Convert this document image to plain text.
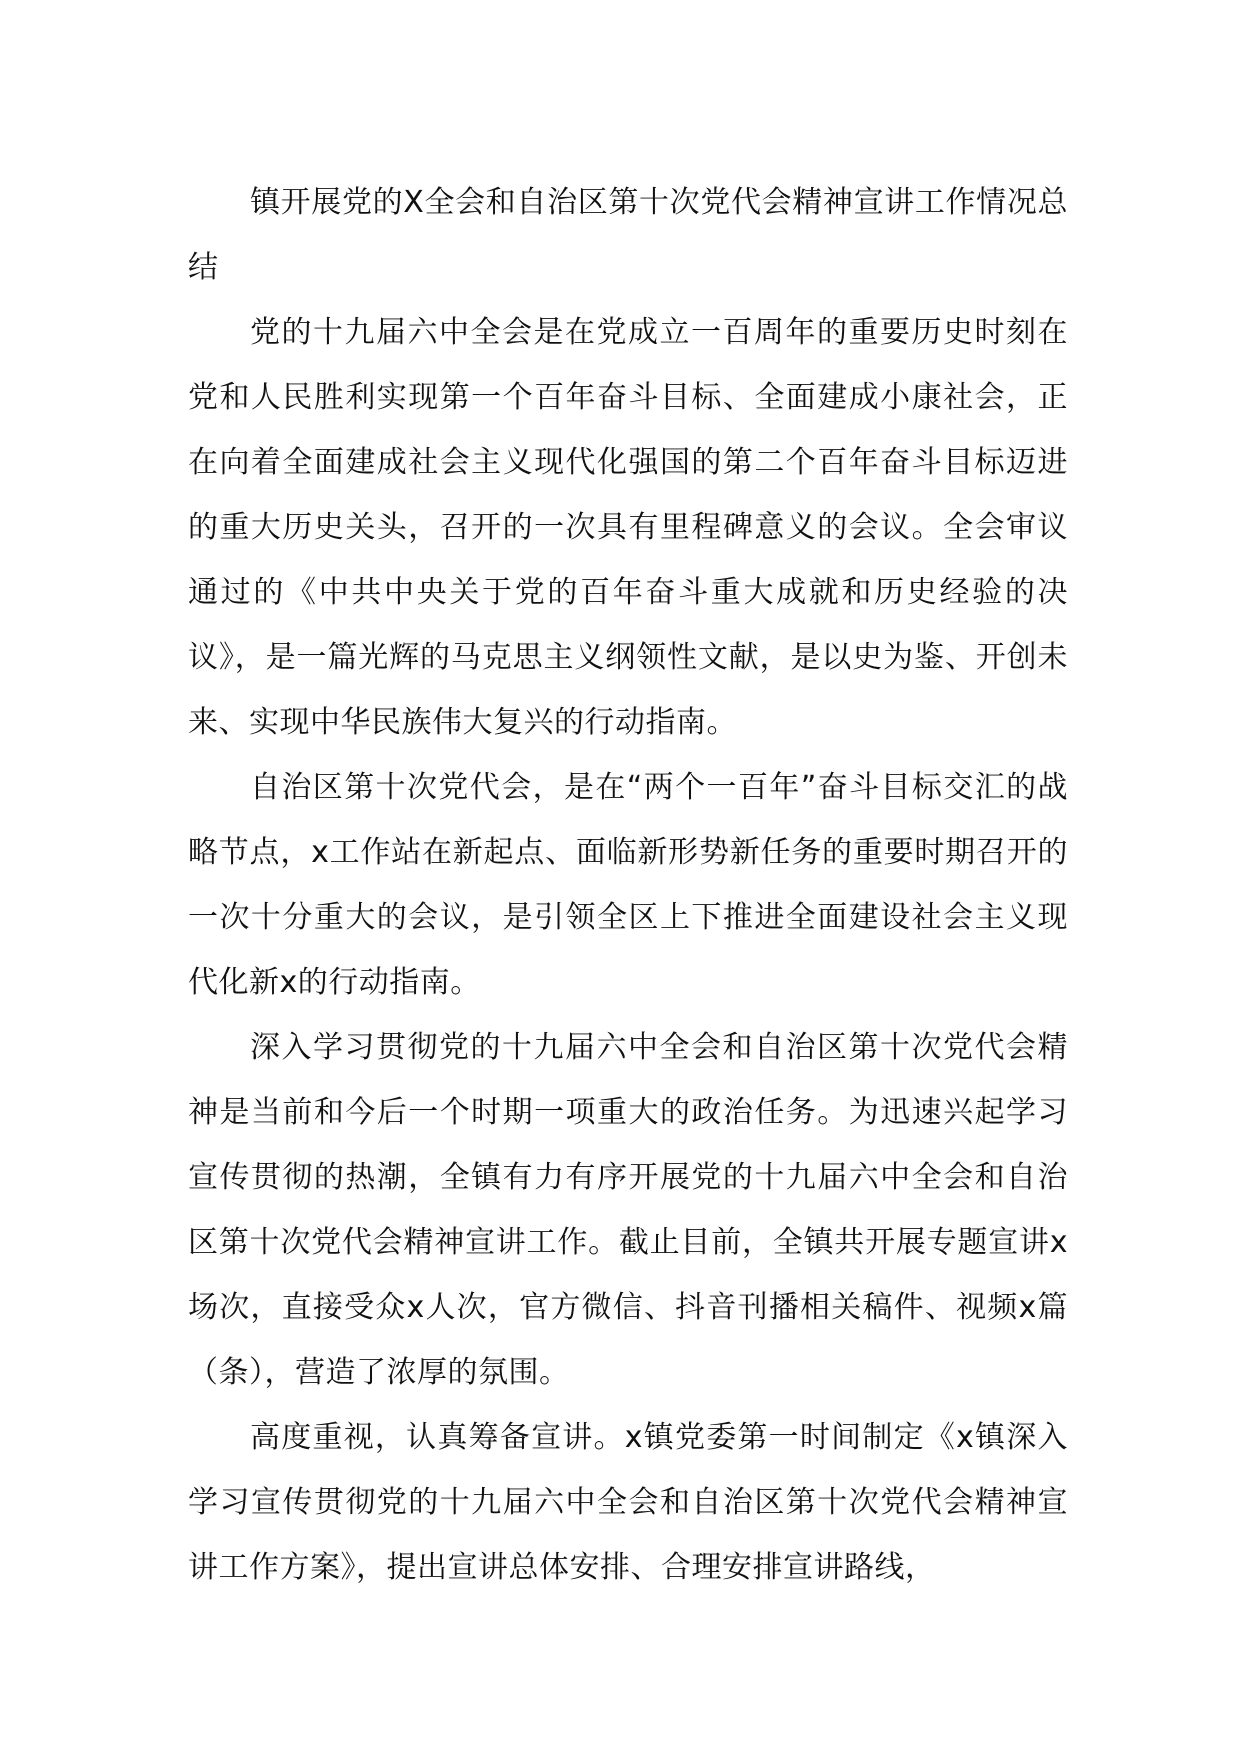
镇开展党的X全会和自治区第十次党代会精神宣讲工作情况总结

党的十九届六中全会是在党成立一百周年的重要历史时刻在党和人民胜利实现第一个百年奋斗目标、全面建成小康社会，正在向着全面建成社会主义现代化强国的第二个百年奋斗目标迈进的重大历史关头，召开的一次具有里程碑意义的会议。全会审议通过的《中共中央关于党的百年奋斗重大成就和历史经验的决议》，是一篇光辉的马克思主义纲领性文献，是以史为鉴、开创未来、实现中华民族伟大复兴的行动指南。

自治区第十次党代会，是在“两个一百年”奋斗目标交汇的战略节点，x工作站在新起点、面临新形势新任务的重要时期召开的一次十分重大的会议，是引领全区上下推进全面建设社会主义现代化新x的行动指南。

深入学习贯彻党的十九届六中全会和自治区第十次党代会精神是当前和今后一个时期一项重大的政治任务。为迅速兴起学习宣传贯彻的热潮，全镇有力有序开展党的十九届六中全会和自治区第十次党代会精神宣讲工作。截止目前，全镇共开展专题宣讲x场次，直接受众x人次，官方微信、抖音刊播相关稿件、视频x篇（条），营造了浓厚的氛围。

高度重视，认真筹备宣讲。x镇党委第一时间制定《x镇深入学习宣传贯彻党的十九届六中全会和自治区第十次党代会精神宣讲工作方案》，提出宣讲总体安排、合理安排宣讲路线，
